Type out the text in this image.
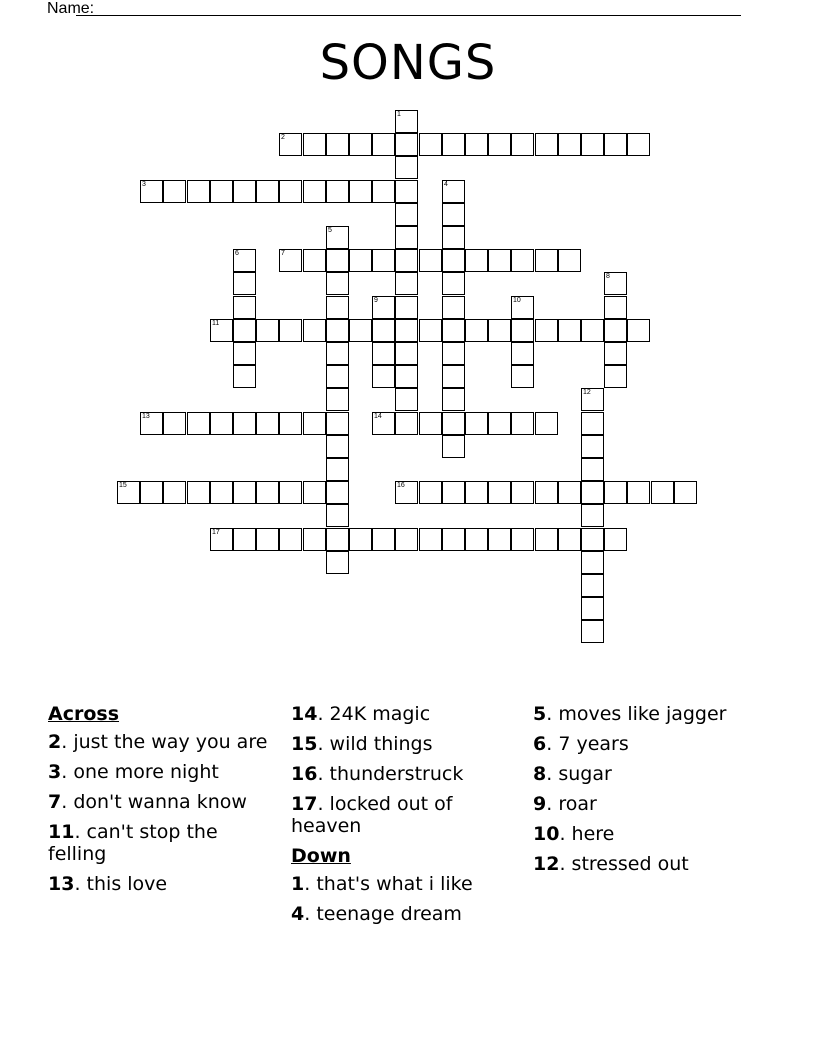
Name:
SONGS
1
2
3	4
5
6	7
8
9	10
11
12
13	14
15	16
17
Across
2. just the way you are
3. one more night
7. don't wanna know
11. can't stop the felling
13. this love
14. 24K magic
15. wild things
16. thunderstruck
17. locked out of heaven
Down
1. that's what i like
4. teenage dream
5. moves like jagger
6. 7 years
8. sugar
9. roar
10. here
12. stressed out
